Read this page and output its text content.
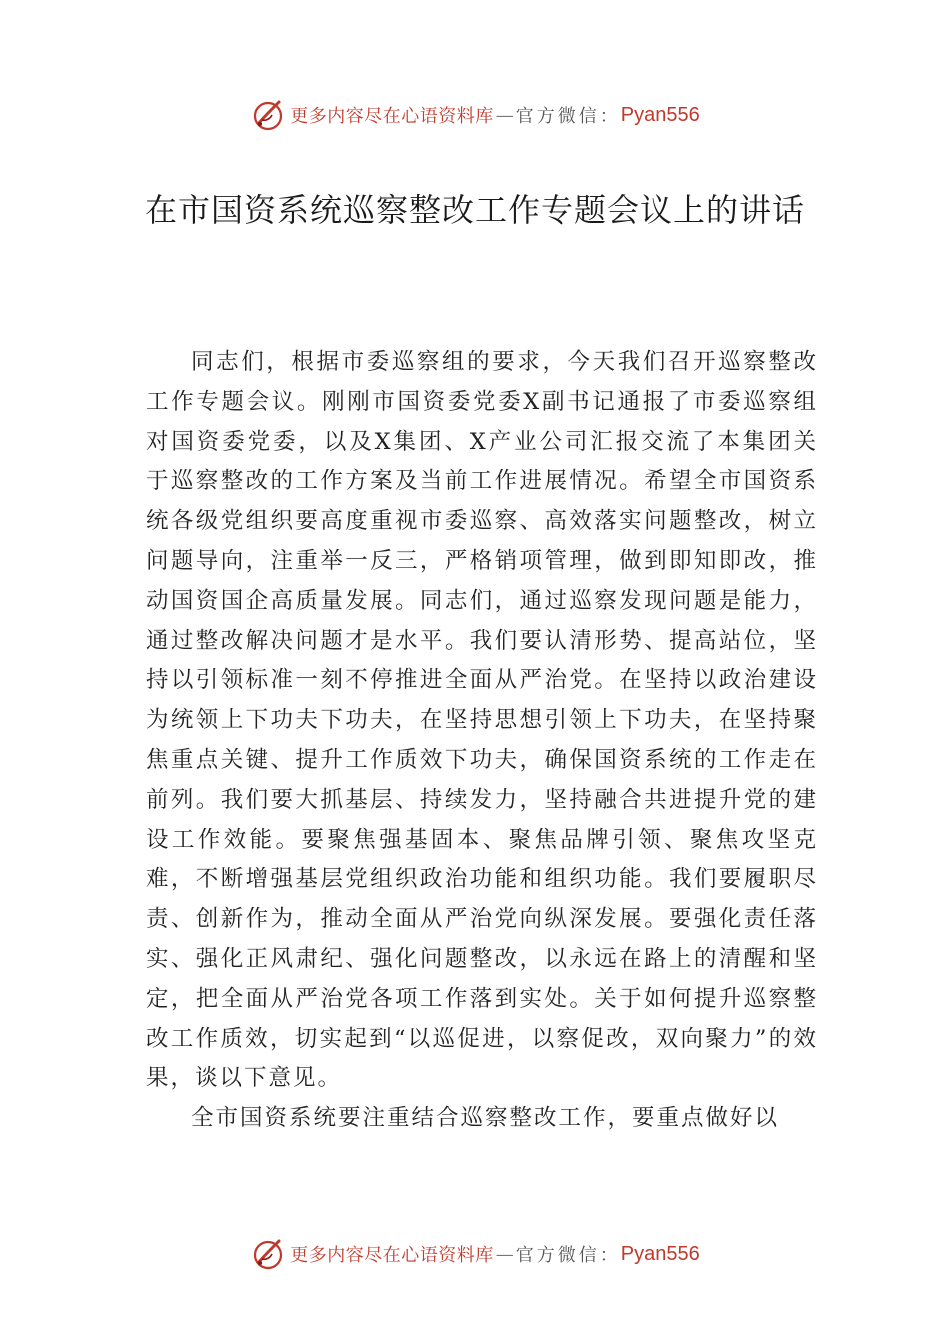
更多内容尽在心语资料库 — 官方微信： Pyan556
在市国资系统巡察整改工作专题会议上的讲话

同志们，根据市委巡察组的要求，今天我们召开巡察整改工作专题会议。刚刚市国资委党委X副书记通报了市委巡察组对国资委党委，以及X集团、X产业公司汇报交流了本集团关于巡察整改的工作方案及当前工作进展情况。希望全市国资系统各级党组织要高度重视市委巡察、高效落实问题整改，树立问题导向，注重举一反三，严格销项管理，做到即知即改，推动国资国企高质量发展。同志们，通过巡察发现问题是能力，通过整改解决问题才是水平。我们要认清形势、提高站位，坚持以引领标准一刻不停推进全面从严治党。在坚持以政治建设为统领上下功夫下功夫，在坚持思想引领上下功夫，在坚持聚焦重点关键、提升工作质效下功夫，确保国资系统的工作走在前列。我们要大抓基层、持续发力，坚持融合共进提升党的建设工作效能。要聚焦强基固本、聚焦品牌引领、聚焦攻坚克难，不断增强基层党组织政治功能和组织功能。我们要履职尽责、创新作为，推动全面从严治党向纵深发展。要强化责任落实、强化正风肃纪、强化问题整改，以永远在路上的清醒和坚定，把全面从严治党各项工作落到实处。关于如何提升巡察整改工作质效，切实起到“以巡促进，以察促改，双向聚力”的效果，谈以下意见。

全市国资系统要注重结合巡察整改工作，要重点做好以

更多内容尽在心语资料库 — 官方微信： Pyan556
